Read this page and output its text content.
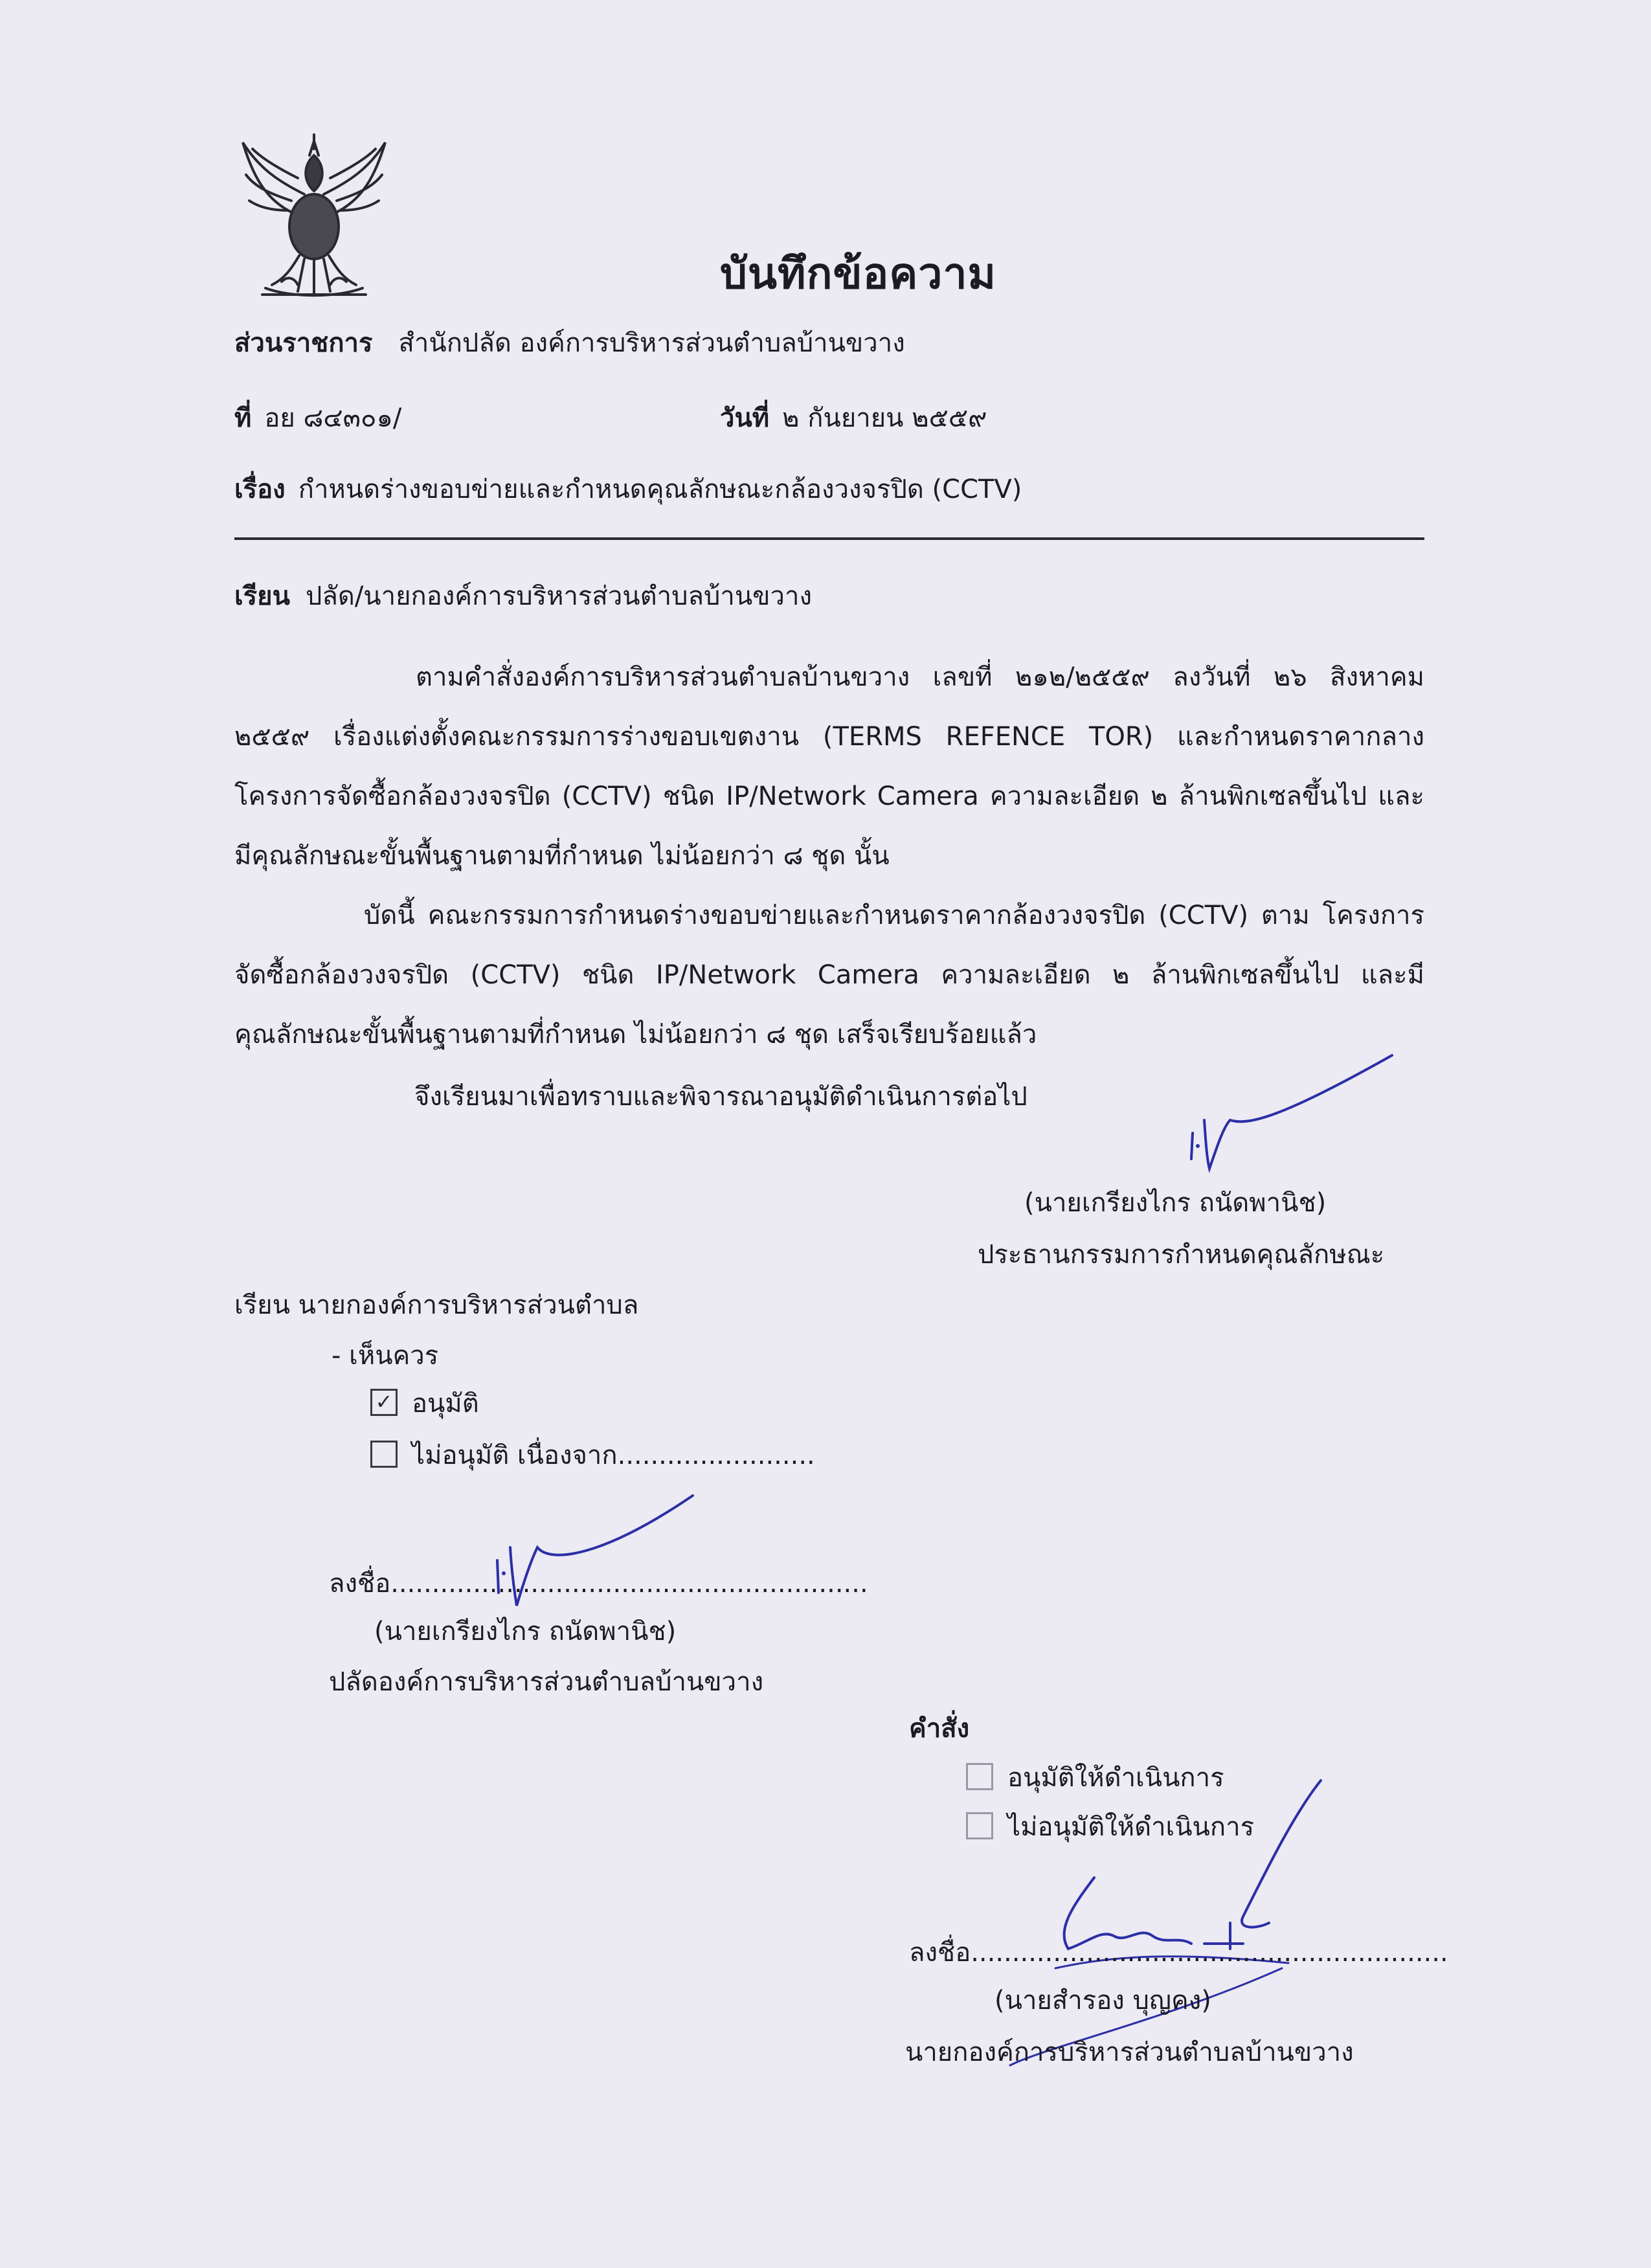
บันทึกข้อความ
ส่วนราชการ สำนักปลัด องค์การบริหารส่วนตำบลบ้านขวาง
ที่ อย ๘๔๓๐๑/	วันที่ ๒ กันยายน ๒๕๕๙
เรื่อง กำหนดร่างขอบข่ายและกำหนดคุณลักษณะกล้องวงจรปิด (CCTV)
เรียน ปลัด/นายกองค์การบริหารส่วนตำบลบ้านขวาง
ตามคำสั่งองค์การบริหารส่วนตำบลบ้านขวาง เลขที่ ๒๑๒/๒๕๕๙ ลงวันที่ ๒๖ สิงหาคม ๒๕๕๙ เรื่องแต่งตั้งคณะกรรมการร่างขอบเขตงาน (TERMS REFENCE TOR) และกำหนดราคากลาง โครงการจัดซื้อกล้องวงจรปิด (CCTV) ชนิด IP/Network Camera ความละเอียด ๒ ล้านพิกเซลขึ้นไป และ มีคุณลักษณะขั้นพื้นฐานตามที่กำหนด ไม่น้อยกว่า ๘ ชุด นั้น
บัดนี้ คณะกรรมการกำหนดร่างขอบข่ายและกำหนดราคากล้องวงจรปิด (CCTV) ตาม โครงการจัดซื้อกล้องวงจรปิด (CCTV) ชนิด IP/Network Camera ความละเอียด ๒ ล้านพิกเซลขึ้นไป และมีคุณลักษณะขั้นพื้นฐานตามที่กำหนด ไม่น้อยกว่า ๘ ชุด เสร็จเรียบร้อยแล้ว
จึงเรียนมาเพื่อทราบและพิจารณาอนุมัติดำเนินการต่อไป
(นายเกรียงไกร ถนัดพานิช)
ประธานกรรมการกำหนดคุณลักษณะ
เรียน นายกองค์การบริหารส่วนตำบล
- เห็นควร
✓ อนุมัติ
ไม่อนุมัติ เนื่องจาก........................
ลงชื่อ..........................................................
(นายเกรียงไกร ถนัดพานิช)
ปลัดองค์การบริหารส่วนตำบลบ้านขวาง
คำสั่ง
อนุมัติให้ดำเนินการ
ไม่อนุมัติให้ดำเนินการ
ลงชื่อ..........................................................
(นายสำรอง บุญคง)
นายกองค์การบริหารส่วนตำบลบ้านขวาง
